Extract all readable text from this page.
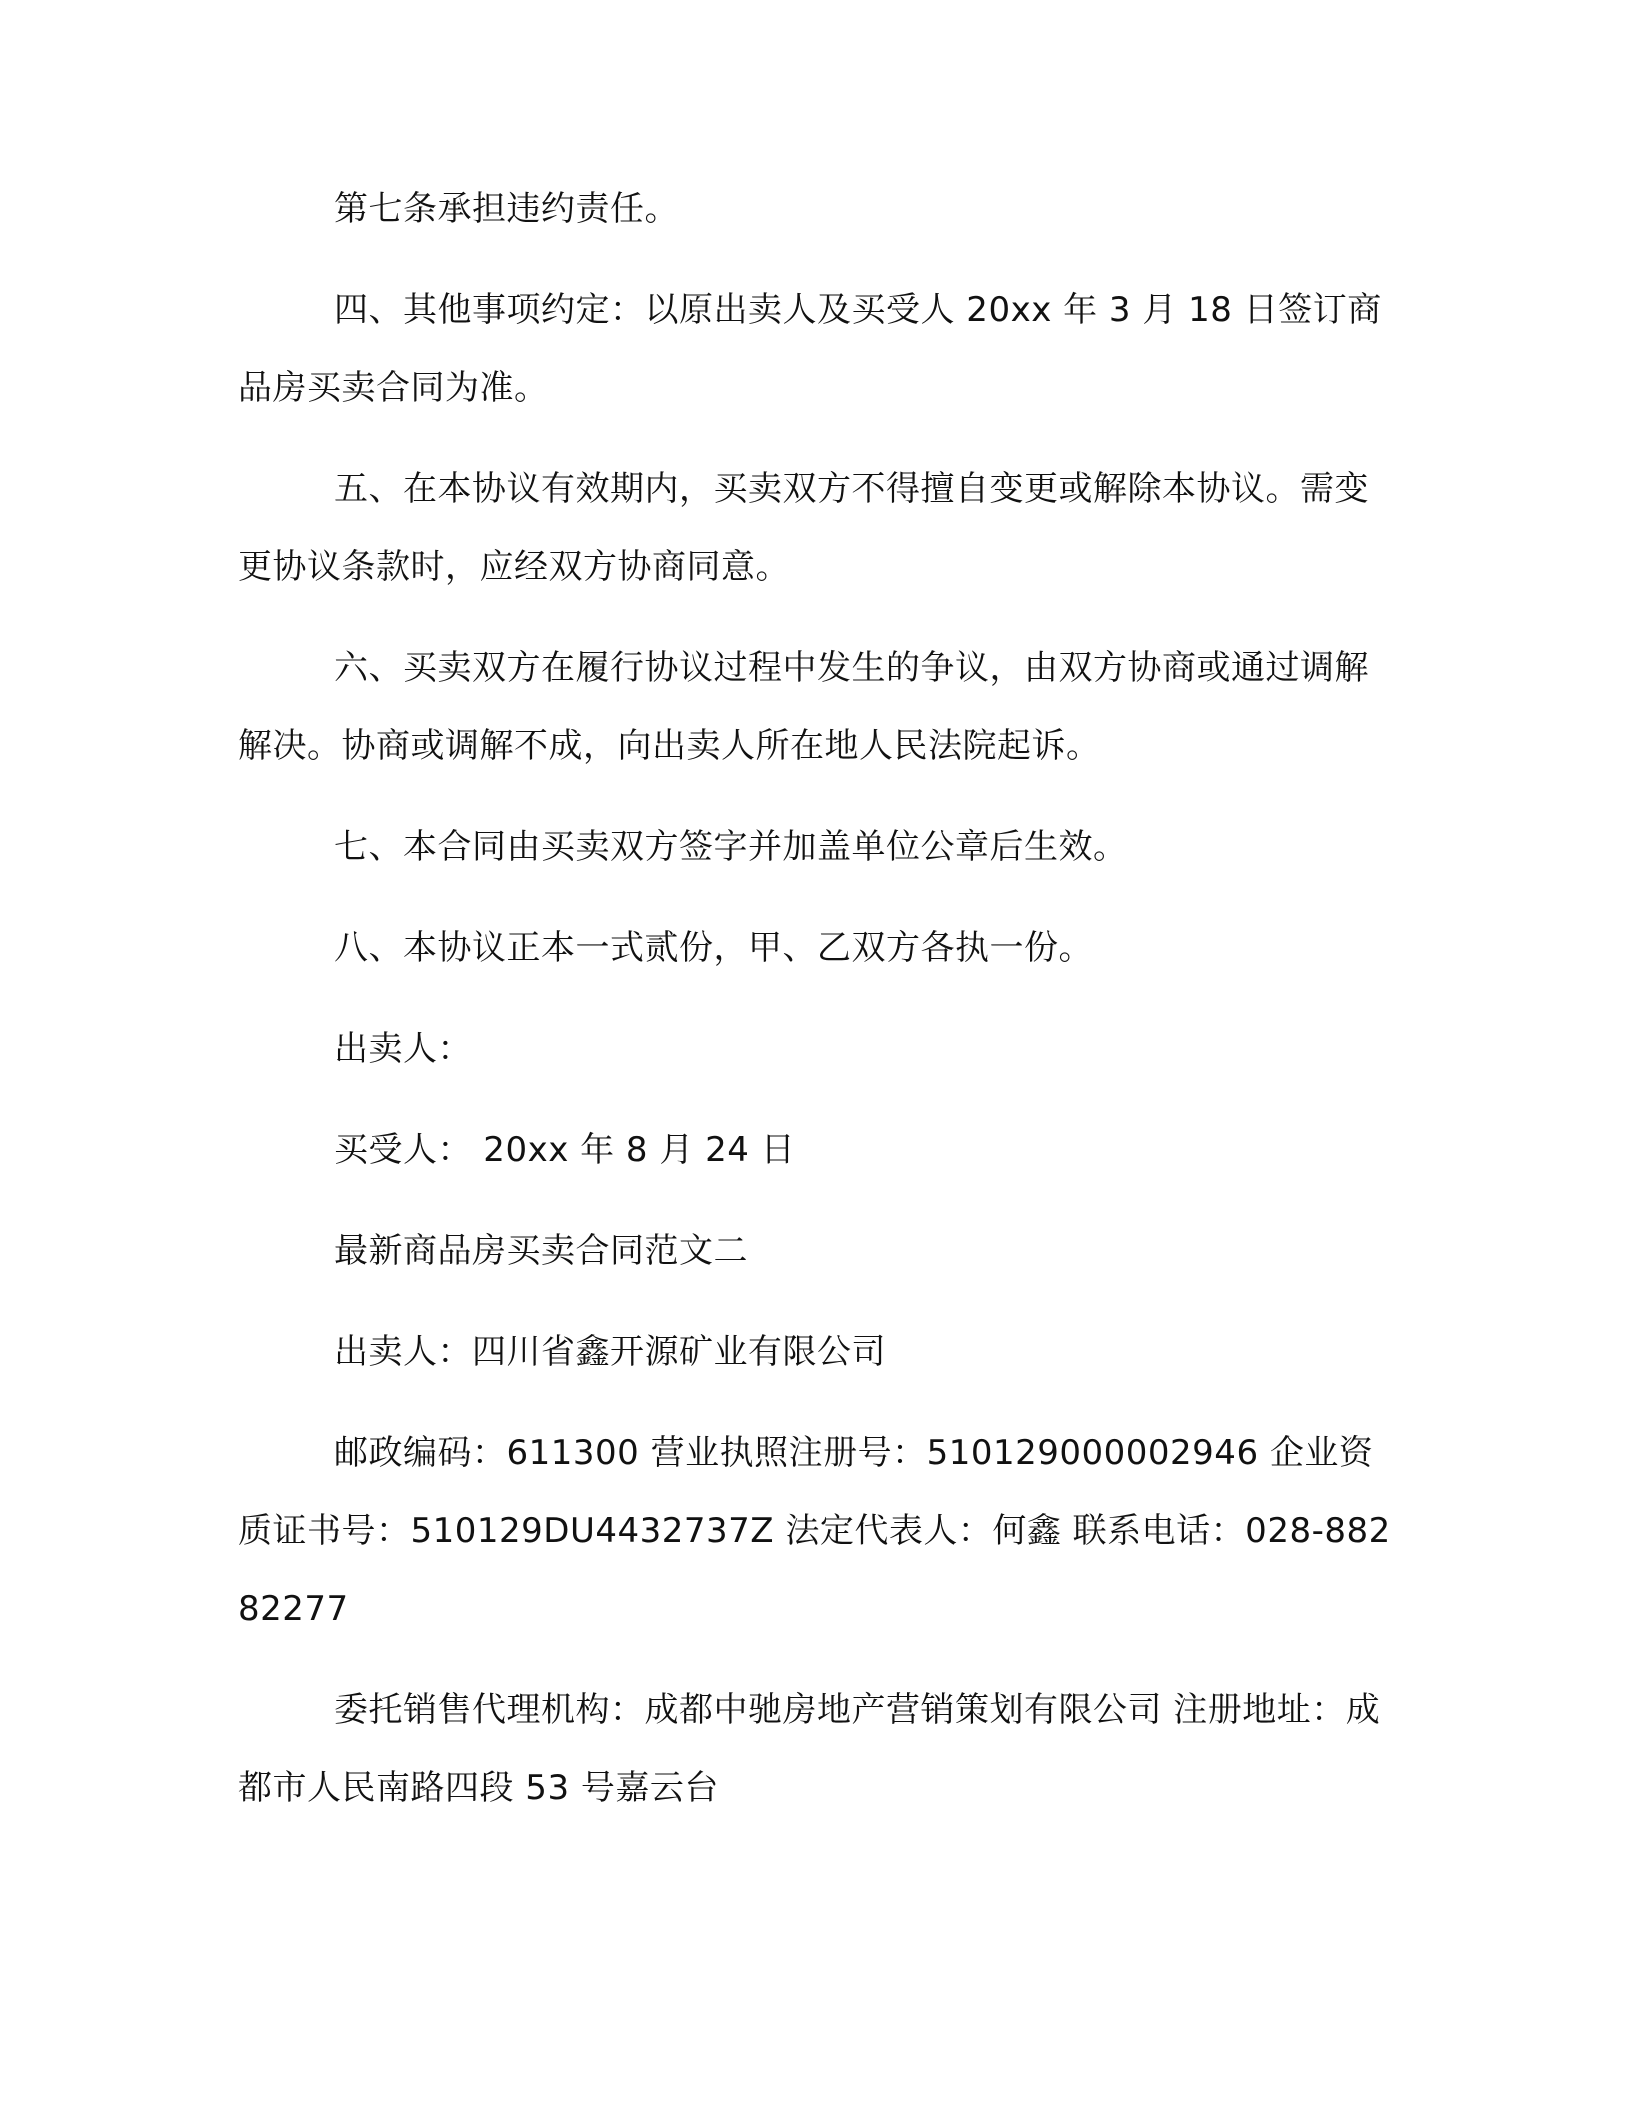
第七条承担违约责任。

四、其他事项约定：以原出卖人及买受人 20xx 年 3 月 18 日签订商品房买卖合同为准。

五、在本协议有效期内，买卖双方不得擅自变更或解除本协议。需变更协议条款时，应经双方协商同意。

六、买卖双方在履行协议过程中发生的争议，由双方协商或通过调解解决。协商或调解不成，向出卖人所在地人民法院起诉。

七、本合同由买卖双方签字并加盖单位公章后生效。

八、本协议正本一式贰份，甲、乙双方各执一份。

出卖人：

买受人： 20xx 年 8 月 24 日

最新商品房买卖合同范文二

出卖人：四川省鑫开源矿业有限公司

邮政编码：611300 营业执照注册号：510129000002946 企业资质证书号：510129DU4432737Z 法定代表人：何鑫 联系电话：028-88282277

委托销售代理机构：成都中驰房地产营销策划有限公司 注册地址：成都市人民南路四段 53 号嘉云台
